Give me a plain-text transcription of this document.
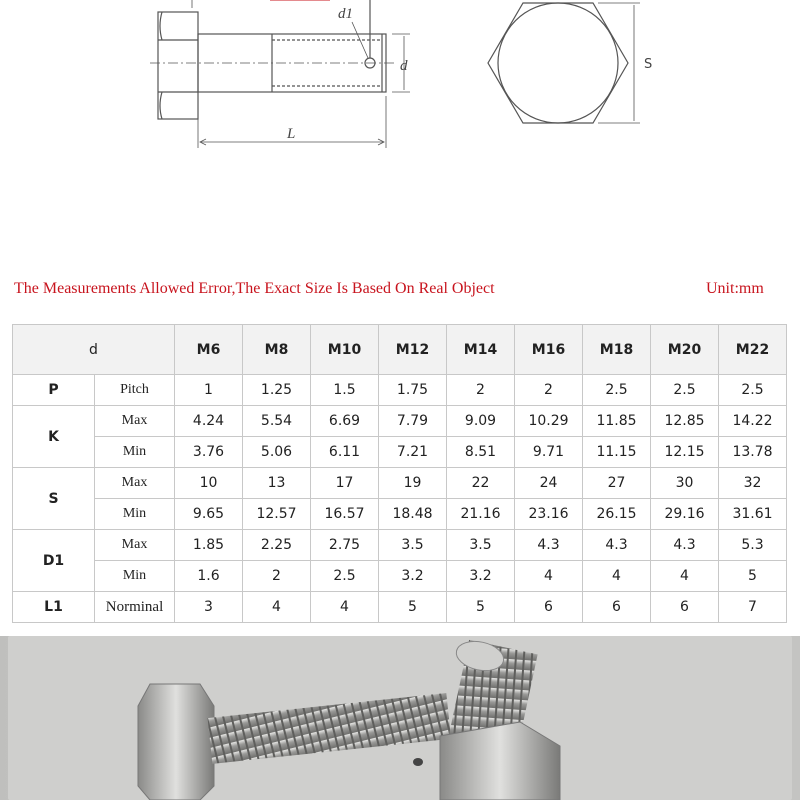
d1
d
L
S
The Measurements Allowed Error,The Exact Size Is Based On Real Object	Unit:mm
d		M6	M8	M10	M12	M14	M16	M18	M20	M22
P	Pitch	1	1.25	1.5	1.75	2	2	2.5	2.5	2.5
K	Max	4.24	5.54	6.69	7.79	9.09	10.29	11.85	12.85	14.22
	Min	3.76	5.06	6.11	7.21	8.51	9.71	11.15	12.15	13.78
S	Max	10	13	17	19	22	24	27	30	32
	Min	9.65	12.57	16.57	18.48	21.16	23.16	26.15	29.16	31.61
D1	Max	1.85	2.25	2.75	3.5	3.5	4.3	4.3	4.3	5.3
	Min	1.6	2	2.5	3.2	3.2	4	4	4	5
L1	Norminal	3	4	4	5	5	6	6	6	7
